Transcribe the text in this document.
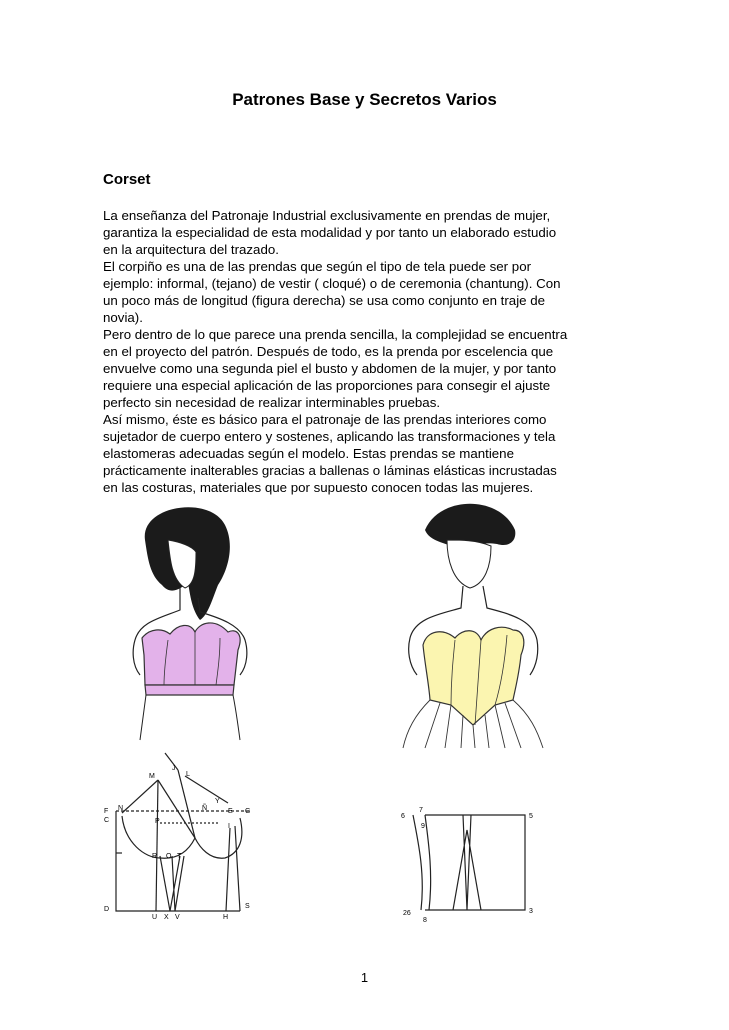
Patrones Base y Secretos Varios
Corset

La enseñanza del Patronaje Industrial exclusivamente en prendas de mujer,

garantiza la especialidad de esta modalidad y por tanto un elaborado estudio

en la arquitectura del trazado.

El corpiño es una de las prendas que según el tipo de tela puede ser por

ejemplo: informal, (tejano) de vestir ( cloqué) o de ceremonia (chantung). Con

un poco más de longitud (figura derecha) se usa como conjunto en traje de

novia).

Pero dentro de lo que parece una prenda sencilla, la complejidad se encuentra

en el proyecto del patrón. Después de todo, es la prenda por escelencia que

envuelve como una segunda piel el busto y abdomen de la mujer, y por tanto

requiere una especial aplicación de las proporciones para consegir el ajuste

perfecto sin necesidad de realizar interminables pruebas.

Así mismo, éste es básico para el patronaje de las prendas interiores como

sujetador de cuerpo entero y sostenes, aplicando las transformaciones y tela

elastomeras adecuadas según el modelo. Estas prendas se mantiene

prácticamente inalterables gracias a ballenas o láminas elásticas incrustadas

en las costuras, materiales que por supuesto conocen todas las mujeres.

M
J
L
F N
C	P
Y
Ñ	E G
I
R O T
D
U X V	H
S
6
7
9
5
26
8
3
1
